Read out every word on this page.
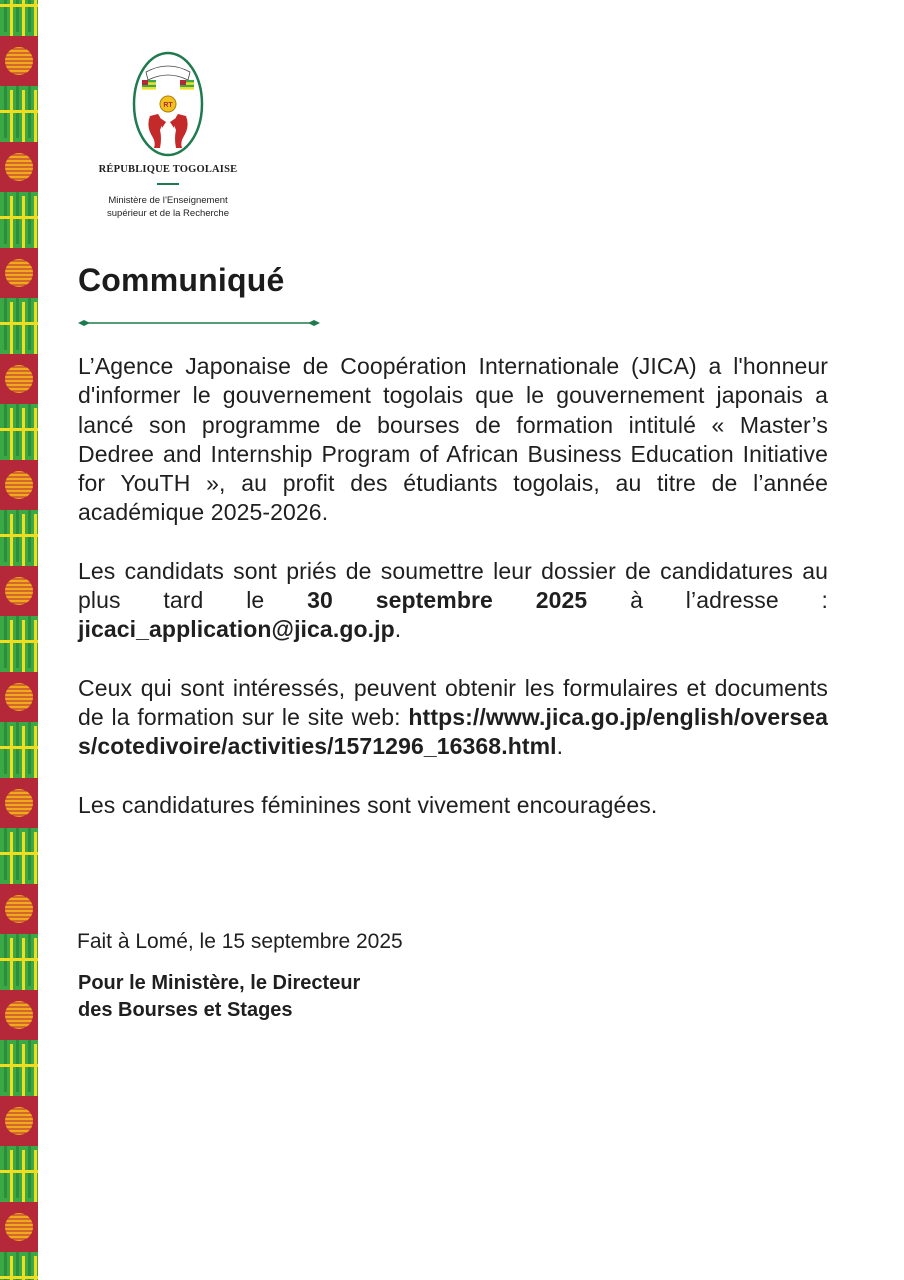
RT
RÉPUBLIQUE TOGOLAISE
Ministère de l’Enseignement
supérieur et de la Recherche
Communiqué

L’Agence Japonaise de Coopération Internationale (JICA) a l'honneur d'informer le gouvernement togolais que le gouvernement japonais a lancé son programme de bourses de formation intitulé « Master’s Dedree and Internship Program of African Business Education Initiative for YouTH », au profit des étudiants togolais, au titre de l’année académique 2025-2026.

Les candidats sont priés de soumettre leur dossier de candidatures au plus tard le 30 septembre 2025 à l’adresse : jicaci_application@jica.go.jp.

Ceux qui sont intéressés, peuvent obtenir les formulaires et documents de la formation sur le site web: https://www.jica.go.jp/english/overseas/cotedivoire/activities/1571296_16368.html.

Les candidatures féminines sont vivement encouragées.

Fait à Lomé, le 15 septembre 2025
Pour le Ministère, le Directeur
des Bourses et Stages
